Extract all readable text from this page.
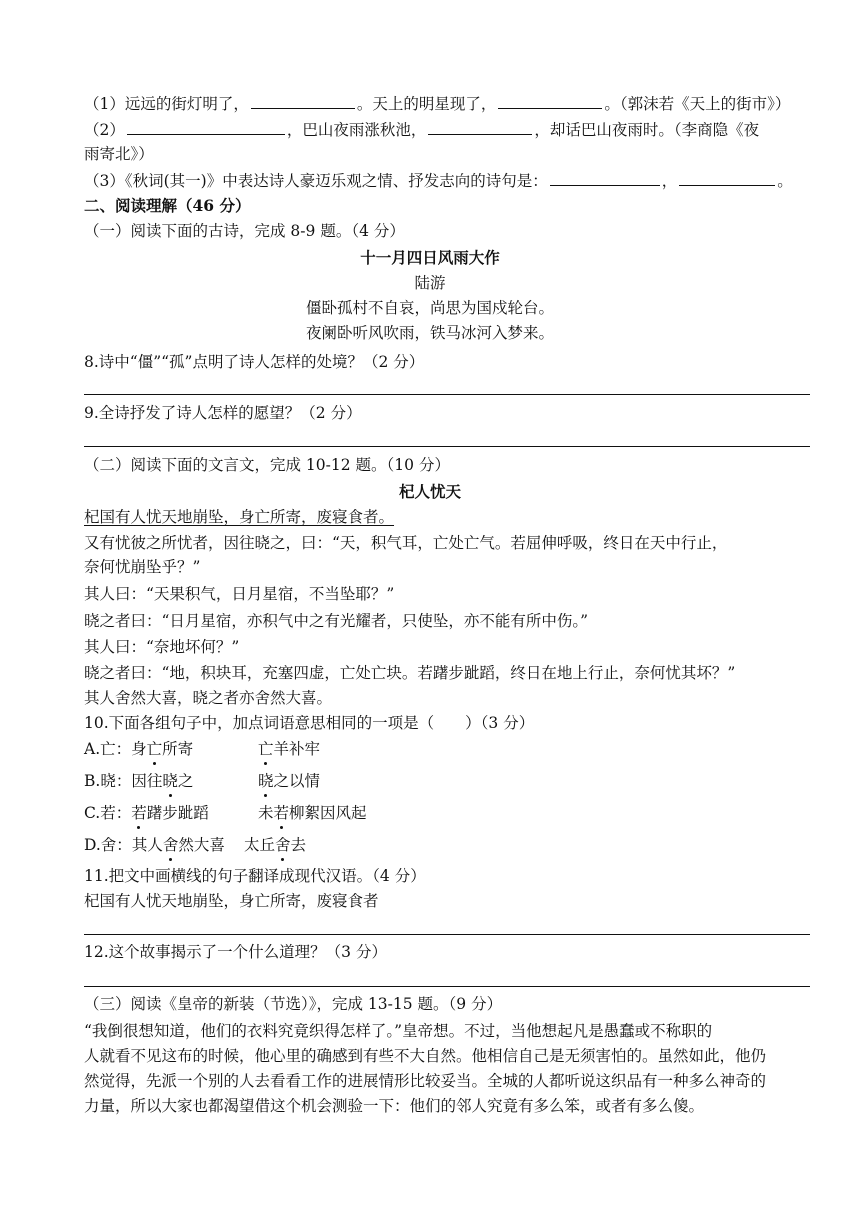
（1）远远的街灯明了，	。天上的明星现了，	。（郭沫若《天上的街市》）
（2）	，巴山夜雨涨秋池，	，却话巴山夜雨时。（李商隐《夜
雨寄北》）
（3）《秋词(其一)》中表达诗人豪迈乐观之情、抒发志向的诗句是：	，	。
二、阅读理解（46 分）
（一）阅读下面的古诗，完成 8-9 题。（4 分）
十一月四日风雨大作
陆游
僵卧孤村不自哀，尚思为国戍轮台。
夜阑卧听风吹雨，铁马冰河入梦来。
8.诗中“僵”“孤”点明了诗人怎样的处境？（2 分）
9.全诗抒发了诗人怎样的愿望？（2 分）
（二）阅读下面的文言文，完成 10-12 题。（10 分）
杞人忧天
杞国有人忧天地崩坠，身亡所寄，废寝食者。
又有忧彼之所忧者，因往晓之，曰：“天，积气耳，亡处亡气。若屈伸呼吸，终日在天中行止，
奈何忧崩坠乎？”
其人曰：“天果积气，日月星宿，不当坠耶？”
晓之者曰：“日月星宿，亦积气中之有光耀者，只使坠，亦不能有所中伤。”
其人曰：“奈地坏何？”
晓之者曰：“地，积块耳，充塞四虚，亡处亡块。若躇步跐蹈，终日在地上行止，奈何忧其坏？”
其人舍然大喜，晓之者亦舍然大喜。
10.下面各组句子中，加点词语意思相同的一项是（　　）（3 分）
A.亡：身亡所寄	亡羊补牢
B.晓：因往晓之	晓之以情
C.若：若躇步跐蹈	未若柳絮因风起
D.舍：其人舍然大喜 太丘舍去
11.把文中画横线的句子翻译成现代汉语。（4 分）
杞国有人忧天地崩坠，身亡所寄，废寝食者
12.这个故事揭示了一个什么道理？（3 分）
（三）阅读《皇帝的新装（节选）》，完成 13-15 题。（9 分）
“我倒很想知道，他们的衣料究竟织得怎样了。”皇帝想。不过，当他想起凡是愚蠢或不称职的
人就看不见这布的时候，他心里的确感到有些不大自然。他相信自己是无须害怕的。虽然如此，他仍
然觉得，先派一个别的人去看看工作的进展情形比较妥当。全城的人都听说这织品有一种多么神奇的
力量，所以大家也都渴望借这个机会测验一下：他们的邻人究竟有多么笨，或者有多么傻。
